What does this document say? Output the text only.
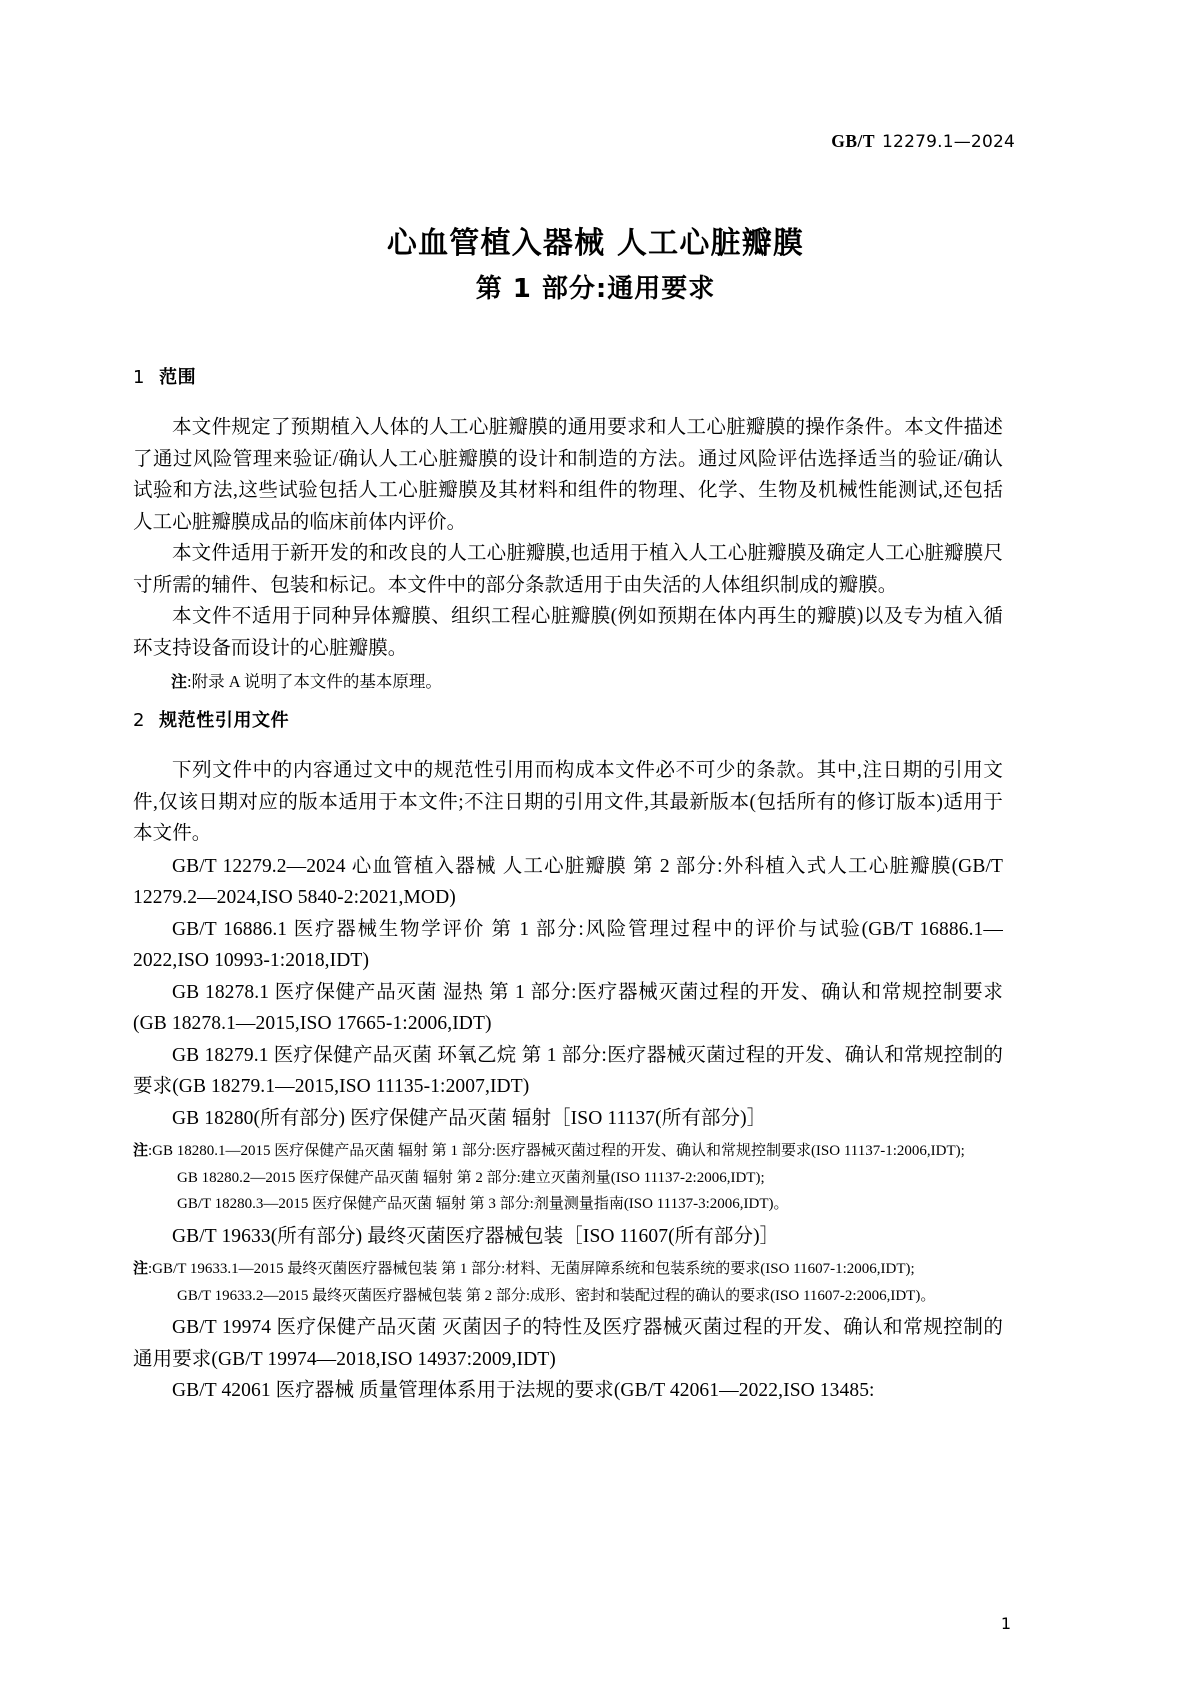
GB/T 12279.1—2024
心血管植入器械 人工心脏瓣膜
第 1 部分:通用要求
1 范围

本文件规定了预期植入人体的人工心脏瓣膜的通用要求和人工心脏瓣膜的操作条件。本文件描述了通过风险管理来验证/确认人工心脏瓣膜的设计和制造的方法。通过风险评估选择适当的验证/确认试验和方法,这些试验包括人工心脏瓣膜及其材料和组件的物理、化学、生物及机械性能测试,还包括人工心脏瓣膜成品的临床前体内评价。

本文件适用于新开发的和改良的人工心脏瓣膜,也适用于植入人工心脏瓣膜及确定人工心脏瓣膜尺寸所需的辅件、包装和标记。本文件中的部分条款适用于由失活的人体组织制成的瓣膜。

本文件不适用于同种异体瓣膜、组织工程心脏瓣膜(例如预期在体内再生的瓣膜)以及专为植入循环支持设备而设计的心脏瓣膜。

注:附录 A 说明了本文件的基本原理。

2 规范性引用文件

下列文件中的内容通过文中的规范性引用而构成本文件必不可少的条款。其中,注日期的引用文件,仅该日期对应的版本适用于本文件;不注日期的引用文件,其最新版本(包括所有的修订版本)适用于本文件。

GB/T 12279.2—2024 心血管植入器械 人工心脏瓣膜 第 2 部分:外科植入式人工心脏瓣膜(GB/T 12279.2—2024,ISO 5840-2:2021,MOD)

GB/T 16886.1 医疗器械生物学评价 第 1 部分:风险管理过程中的评价与试验(GB/T 16886.1—2022,ISO 10993-1:2018,IDT)

GB 18278.1 医疗保健产品灭菌 湿热 第 1 部分:医疗器械灭菌过程的开发、确认和常规控制要求(GB 18278.1—2015,ISO 17665-1:2006,IDT)

GB 18279.1 医疗保健产品灭菌 环氧乙烷 第 1 部分:医疗器械灭菌过程的开发、确认和常规控制的要求(GB 18279.1—2015,ISO 11135-1:2007,IDT)

GB 18280(所有部分) 医疗保健产品灭菌 辐射［ISO 11137(所有部分)］

注:GB 18280.1—2015 医疗保健产品灭菌 辐射 第 1 部分:医疗器械灭菌过程的开发、确认和常规控制要求(ISO 11137-1:2006,IDT);

GB 18280.2—2015 医疗保健产品灭菌 辐射 第 2 部分:建立灭菌剂量(ISO 11137-2:2006,IDT);

GB/T 18280.3—2015 医疗保健产品灭菌 辐射 第 3 部分:剂量测量指南(ISO 11137-3:2006,IDT)。

GB/T 19633(所有部分) 最终灭菌医疗器械包装［ISO 11607(所有部分)］

注:GB/T 19633.1—2015 最终灭菌医疗器械包装 第 1 部分:材料、无菌屏障系统和包装系统的要求(ISO 11607-1:2006,IDT);

GB/T 19633.2—2015 最终灭菌医疗器械包装 第 2 部分:成形、密封和装配过程的确认的要求(ISO 11607-2:2006,IDT)。

GB/T 19974 医疗保健产品灭菌 灭菌因子的特性及医疗器械灭菌过程的开发、确认和常规控制的通用要求(GB/T 19974—2018,ISO 14937:2009,IDT)

GB/T 42061 医疗器械 质量管理体系用于法规的要求(GB/T 42061—2022,ISO 13485:

1
